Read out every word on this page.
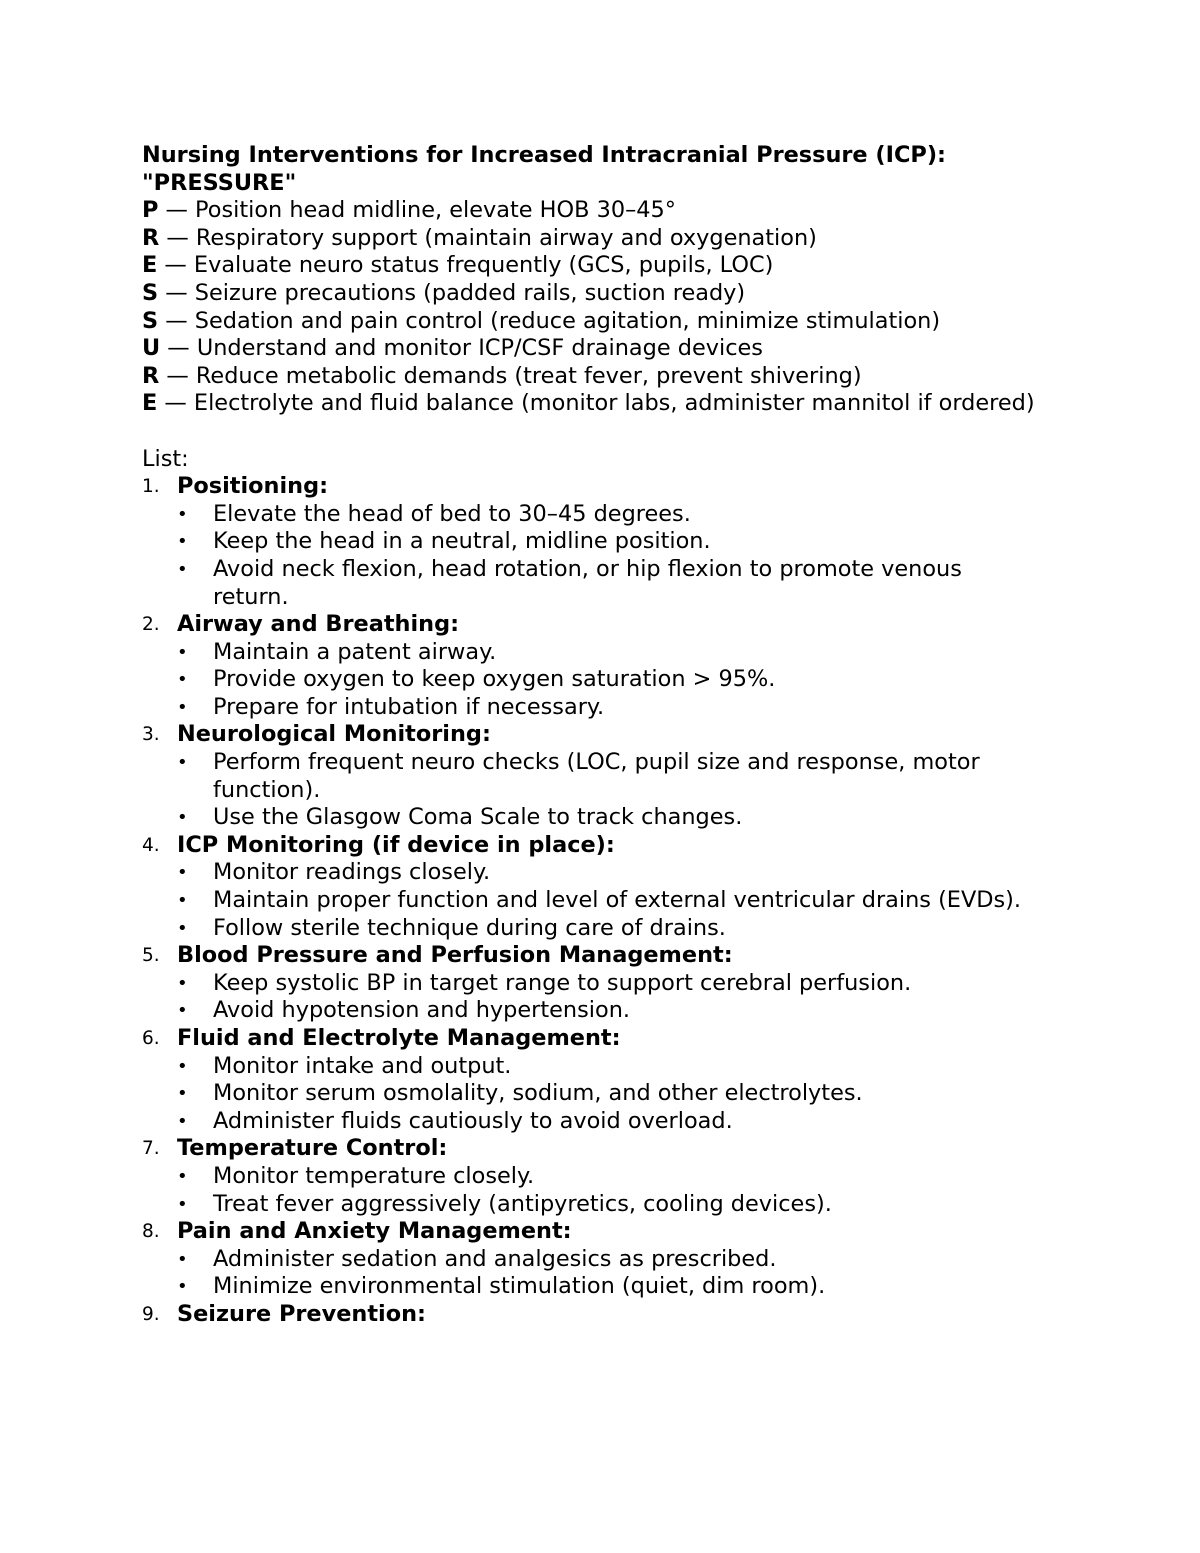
Nursing Interventions for Increased Intracranial Pressure (ICP):
"PRESSURE"

P — Position head midline, elevate HOB 30–45°

R — Respiratory support (maintain airway and oxygenation)

E — Evaluate neuro status frequently (GCS, pupils, LOC)

S — Seizure precautions (padded rails, suction ready)

S — Sedation and pain control (reduce agitation, minimize stimulation)

U — Understand and monitor ICP/CSF drainage devices

R — Reduce metabolic demands (treat fever, prevent shivering)

E — Electrolyte and fluid balance (monitor labs, administer mannitol if ordered)

List:

1. Positioning:
•	Elevate the head of bed to 30–45 degrees.
•	Keep the head in a neutral, midline position.
•	Avoid neck flexion, head rotation, or hip flexion to promote venous return.
2. Airway and Breathing:
•	Maintain a patent airway.
•	Provide oxygen to keep oxygen saturation > 95%.
•	Prepare for intubation if necessary.
3. Neurological Monitoring:
•	Perform frequent neuro checks (LOC, pupil size and response, motor function).
•	Use the Glasgow Coma Scale to track changes.
4. ICP Monitoring (if device in place):
•	Monitor readings closely.
•	Maintain proper function and level of external ventricular drains (EVDs).
•	Follow sterile technique during care of drains.
5. Blood Pressure and Perfusion Management:
•	Keep systolic BP in target range to support cerebral perfusion.
•	Avoid hypotension and hypertension.
6. Fluid and Electrolyte Management:
•	Monitor intake and output.
•	Monitor serum osmolality, sodium, and other electrolytes.
•	Administer fluids cautiously to avoid overload.
7. Temperature Control:
•	Monitor temperature closely.
•	Treat fever aggressively (antipyretics, cooling devices).
8. Pain and Anxiety Management:
•	Administer sedation and analgesics as prescribed.
•	Minimize environmental stimulation (quiet, dim room).
9. Seizure Prevention:
